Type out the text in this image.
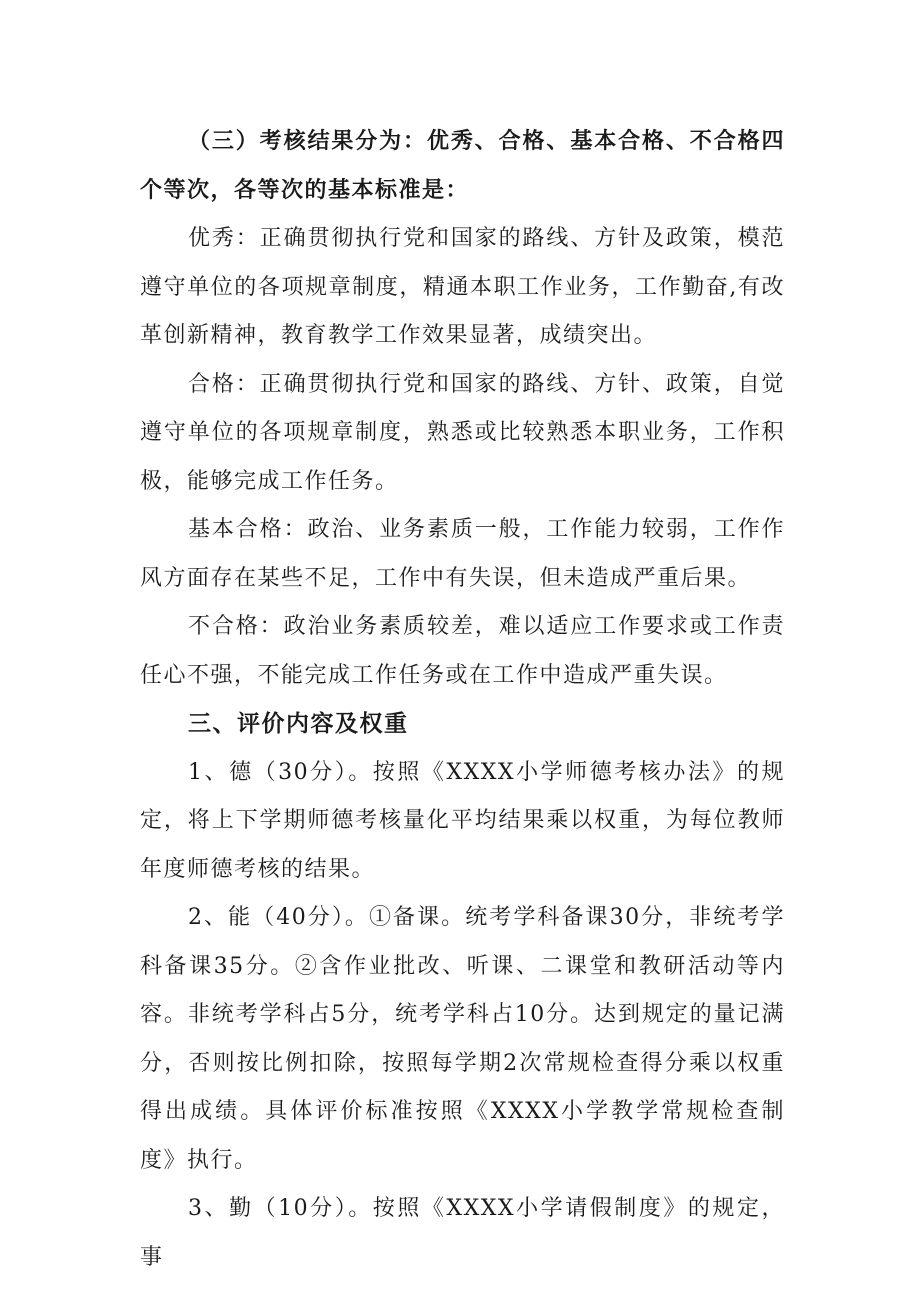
（三）考核结果分为：优秀、合格、基本合格、不合格四个等次，各等次的基本标准是：

优秀：正确贯彻执行党和国家的路线、方针及政策，模范遵守单位的各项规章制度，精通本职工作业务，工作勤奋,有改革创新精神，教育教学工作效果显著，成绩突出。

合格：正确贯彻执行党和国家的路线、方针、政策，自觉遵守单位的各项规章制度，熟悉或比较熟悉本职业务，工作积极，能够完成工作任务。

基本合格：政治、业务素质一般，工作能力较弱，工作作风方面存在某些不足，工作中有失误，但未造成严重后果。

不合格：政治业务素质较差，难以适应工作要求或工作责任心不强，不能完成工作任务或在工作中造成严重失误。

三、评价内容及权重

1、德（30分）。按照《XXXX小学师德考核办法》的规定，将上下学期师德考核量化平均结果乘以权重，为每位教师年度师德考核的结果。

2、能（40分）。①备课。统考学科备课30分，非统考学科备课35分。②含作业批改、听课、二课堂和教研活动等内容。非统考学科占5分，统考学科占10分。达到规定的量记满分，否则按比例扣除，按照每学期2次常规检查得分乘以权重得出成绩。具体评价标准按照《XXXX小学教学常规检查制度》执行。

3、勤（10分）。按照《XXXX小学请假制度》的规定，事
